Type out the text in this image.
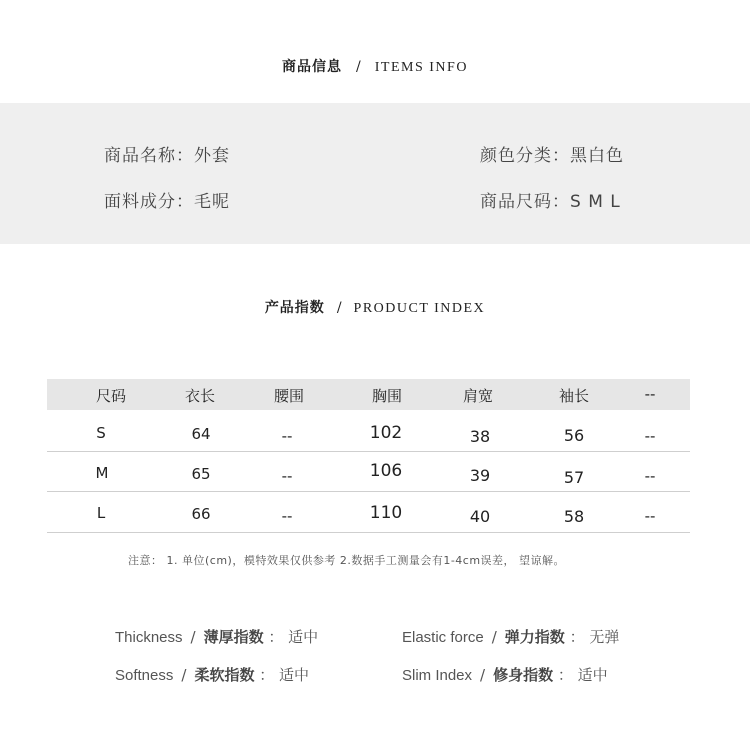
商品信息 / ITEMS INFO
商品名称：外套
面料成分：毛呢
颜色分类：黑白色
商品尺码：S M L
产品指数 / PRODUCT INDEX
尺码	衣长	腰围	胸围	肩宽	袖长	--
S	64	--	102	38	56	--
M	65	--	106	39	57	--
L	66	--	110	40	58	--
注意： 1. 单位(cm)，模特效果仅供参考 2.数据手工测量会有1-4cm误差， 望谅解。
Thickness / 薄厚指数 ： 适中	Elastic force / 弹力指数 ： 无弹
Softness / 柔软指数 ： 适中	Slim Index / 修身指数 ： 适中
